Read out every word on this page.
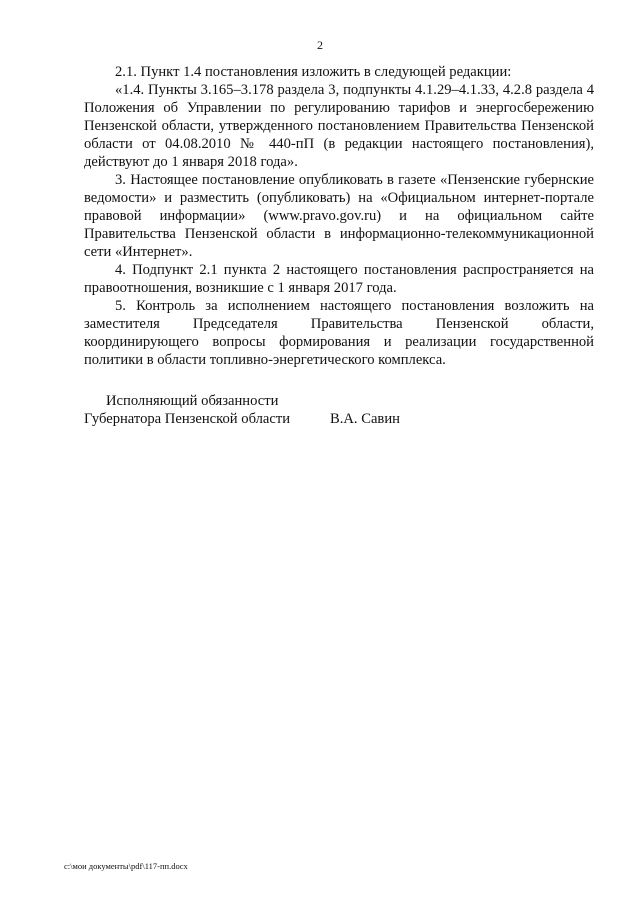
2

2.1. Пункт 1.4 постановления изложить в следующей редакции:

«1.4. Пункты 3.165–3.178 раздела 3, подпункты 4.1.29–4.1.33, 4.2.8 раздела 4 Положения об Управлении по регулированию тарифов и энергосбережению Пензенской области, утвержденного постановлением Правительства Пензенской области от 04.08.2010 № 440-пП (в редакции настоящего постановления), действуют до 1 января 2018 года».

3. Настоящее постановление опубликовать в газете «Пензенские губернские ведомости» и разместить (опубликовать) на «Официальном интернет-портале правовой информации» (www.pravo.gov.ru) и на официальном сайте Правительства Пензенской области в информационно-телекоммуникационной сети «Интернет».

4. Подпункт 2.1 пункта 2 настоящего постановления распространяется на правоотношения, возникшие с 1 января 2017 года.

5. Контроль за исполнением настоящего постановления возложить на заместителя Председателя Правительства Пензенской области, координирующего вопросы формирования и реализации государственной политики в области топливно-энергетического комплекса.

Исполняющий обязанности
Губернатора Пензенской области	В.А. Савин
c:\мои документы\pdf\117-пп.docx
